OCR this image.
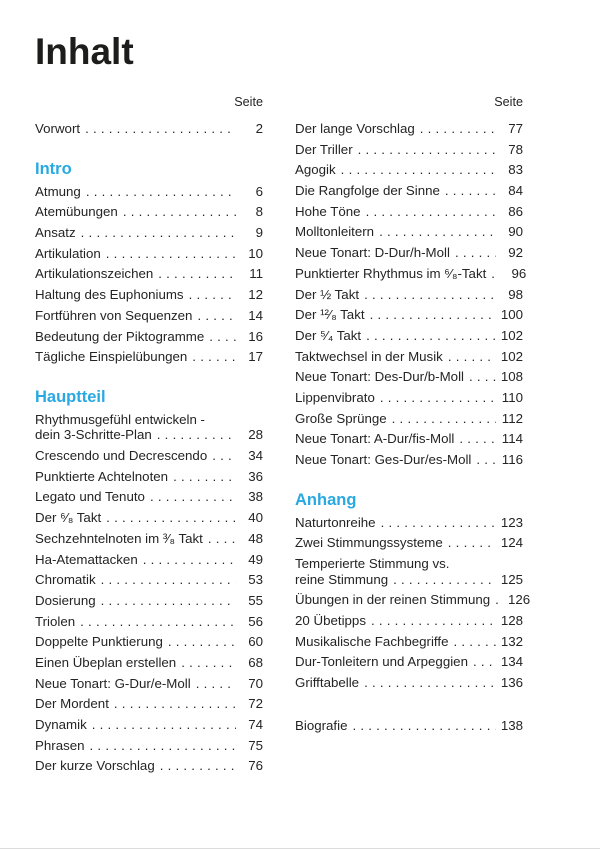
Inhalt
Seite
Vorwort .....	2
Intro
Atmung .....	6
Atemübungen .....	8
Ansatz .....	9
Artikulation .....	10
Artikulationszeichen .....	11
Haltung des Euphoniums .....	12
Fortführen von Sequenzen .....	14
Bedeutung der Piktogramme .....	16
Tägliche Einspielübungen .....	17
Hauptteil
Rhythmusgefühl entwickeln -
dein 3-Schritte-Plan .....	28
Crescendo und Decrescendo .....	34
Punktierte Achtelnoten .....	36
Legato und Tenuto .....	38
Der ⁶⁄₈ Takt .....	40
Sechzehntelnoten im ³⁄₈ Takt .....	48
Ha-Atemattacken .....	49
Chromatik .....	53
Dosierung .....	55
Triolen .....	56
Doppelte Punktierung .....	60
Einen Übeplan erstellen .....	68
Neue Tonart: G-Dur/e-Moll .....	70
Der Mordent .....	72
Dynamik .....	74
Phrasen .....	75
Der kurze Vorschlag .....	76
Seite
Der lange Vorschlag .....	77
Der Triller .....	78
Agogik .....	83
Die Rangfolge der Sinne .....	84
Hohe Töne .....	86
Molltonleitern .....	90
Neue Tonart: D-Dur/h-Moll .....	92
Punktierter Rhythmus im ⁶⁄₈-Takt .....	96
Der ½ Takt .....	98
Der ¹²⁄₈ Takt .....	100
Der ⁵⁄₄ Takt .....	102
Taktwechsel in der Musik .....	102
Neue Tonart: Des-Dur/b-Moll .....	108
Lippenvibrato .....	110
Große Sprünge .....	112
Neue Tonart: A-Dur/fis-Moll .....	114
Neue Tonart: Ges-Dur/es-Moll ..... 116
Anhang
Naturtonreihe .....	123
Zwei Stimmungssysteme .....	124
Temperierte Stimmung vs.
reine Stimmung .....	125
Übungen in der reinen Stimmung ..... 126
20 Übetipps .....	128
Musikalische Fachbegriffe .....	132
Dur-Tonleitern und Arpeggien ..... 134
Grifftabelle .....	136
Biografie .....	138
